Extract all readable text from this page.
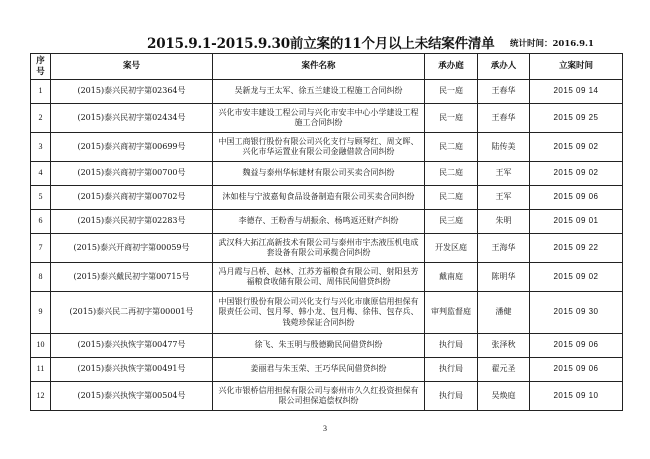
2015.9.1-2015.9.30前立案的11个月以上未结案件清单 统计时间：2016.9.1
序号	案号	案件名称	承办庭	承办人	立案时间
1	(2015)泰兴民初字第02364号	吴新龙与王太军、徐五兰建设工程施工合同纠纷	民一庭	王春华	2015 09 14
2	(2015)泰兴民初字第02434号	兴化市安丰建设工程公司与兴化市安丰中心小学建设工程施工合同纠纷	民一庭	王春华	2015 09 25
3	(2015)泰兴商初字第00699号	中国工商银行股份有限公司兴化支行与顾琴红、周文晖、兴化市华运置业有限公司金融借款合同纠纷	民二庭	陆传美	2015 09 02
4	(2015)泰兴商初字第00700号	魏益与泰州华标建材有限公司买卖合同纠纷	民二庭	王军	2015 09 02
5	(2015)泰兴商初字第00702号	沐如桂与宁波嘉甸食品设备制造有限公司买卖合同纠纷	民二庭	王军	2015 09 06
6	(2015)泰兴民初字第02283号	李德存、王粉香与胡振余、杨鸣返还财产纠纷	民三庭	朱明	2015 09 01
7	(2015)泰兴开商初字第00059号	武汉科大拓江高新技术有限公司与泰州市宇杰液压机电成套设备有限公司承揽合同纠纷	开发区庭	王海华	2015 09 22
8	(2015)泰兴戴民初字第00715号	冯月霞与吕桥、赵林、江苏芳福粮食有限公司、射阳县芳福粮食收储有限公司、周伟民间借贷纠纷	戴南庭	陈明华	2015 09 02
9	(2015)泰兴民二再初字第00001号	中国银行股份有限公司兴化支行与兴化市康原信用担保有限责任公司、包月琴、韩小龙、包月梅、徐伟、包存兵、钱菀珍保证合同纠纷	审判监督庭	潘健	2015 09 30
10	(2015)泰兴执恢字第00477号	徐飞、朱玉明与殷德勤民间借贷纠纷	执行局	张泽秋	2015 09 06
11	(2015)泰兴执恢字第00491号	姜丽君与朱玉荣、王巧华民间借贷纠纷	执行局	翟元圣	2015 09 06
12	(2015)泰兴执恢字第00504号	兴化市银桥信用担保有限公司与泰州市久久红投资担保有限公司担保追偿权纠纷	执行局	吴焕庭	2015 09 10
3
